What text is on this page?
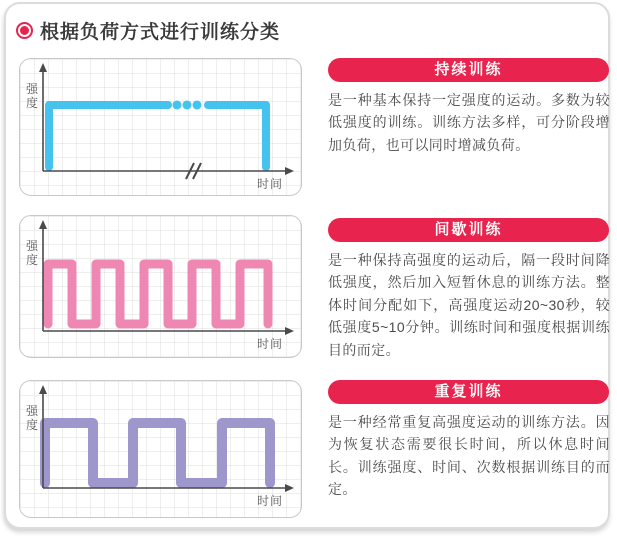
根据负荷方式进行训练分类
强度
时间
强度
时间
强度
时间
持续训练

是一种基本保持一定强度的运动。多数为较低强度的训练。训练方法多样，可分阶段增加负荷，也可以同时增减负荷。

间歇训练

是一种保持高强度的运动后，隔一段时间降低强度，然后加入短暂休息的训练方法。整体时间分配如下，高强度运动20~30秒，较低强度5~10分钟。训练时间和强度根据训练目的而定。

重复训练

是一种经常重复高强度运动的训练方法。因为恢复状态需要很长时间，所以休息时间长。训练强度、时间、次数根据训练目的而定。
